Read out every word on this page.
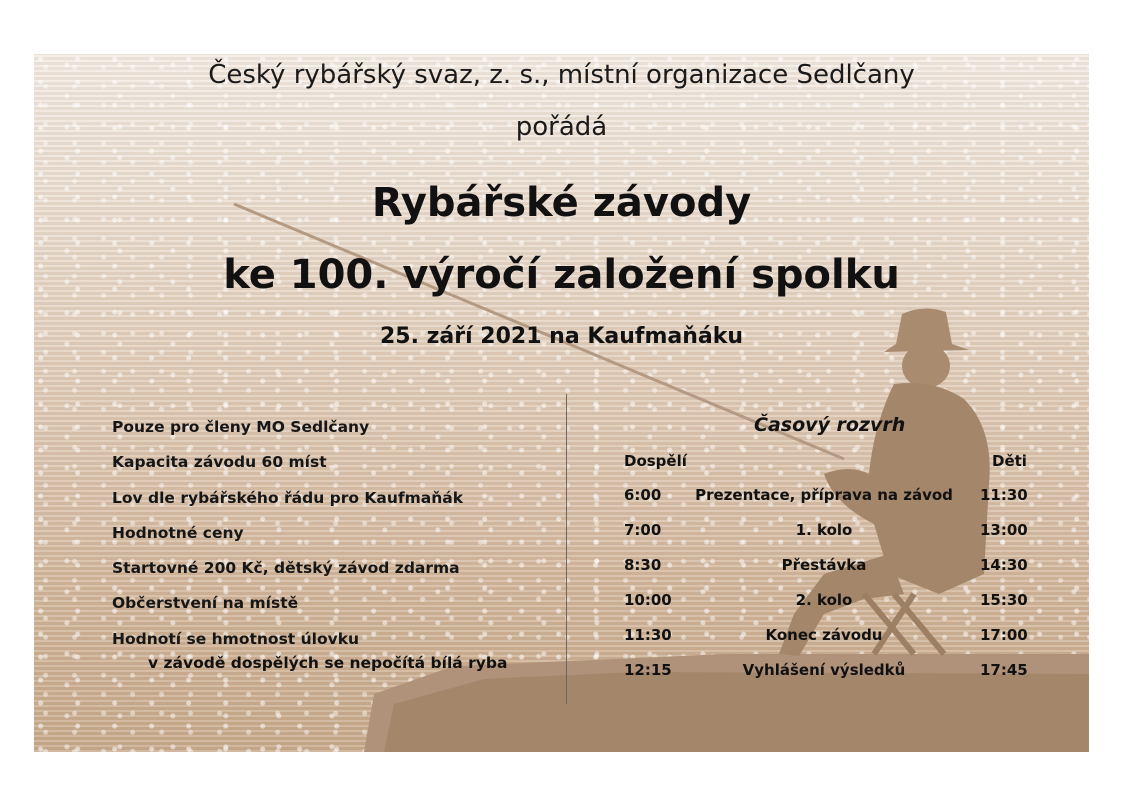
Český rybářský svaz, z. s., místní organizace Sedlčany
pořádá
Rybářské závody
ke 100. výročí založení spolku
25. září 2021 na Kaufmaňáku
Pouze pro členy MO Sedlčany
Kapacita závodu 60 míst
Lov dle rybářského řádu pro Kaufmaňák
Hodnotné ceny
Startovné 200 Kč, dětský závod zdarma
Občerstvení na místě
Hodnotí se hmotnost úlovku
v závodě dospělých se nepočítá bílá ryba
Časový rozvrh
Dospělí	Děti
6:00 Prezentace, příprava na závod 11:30
7:00	1. kolo	13:00
8:30	Přestávka	14:30
10:00	2. kolo	15:30
11:30	Konec závodu	17:00
12:15	Vyhlášení výsledků	17:45
